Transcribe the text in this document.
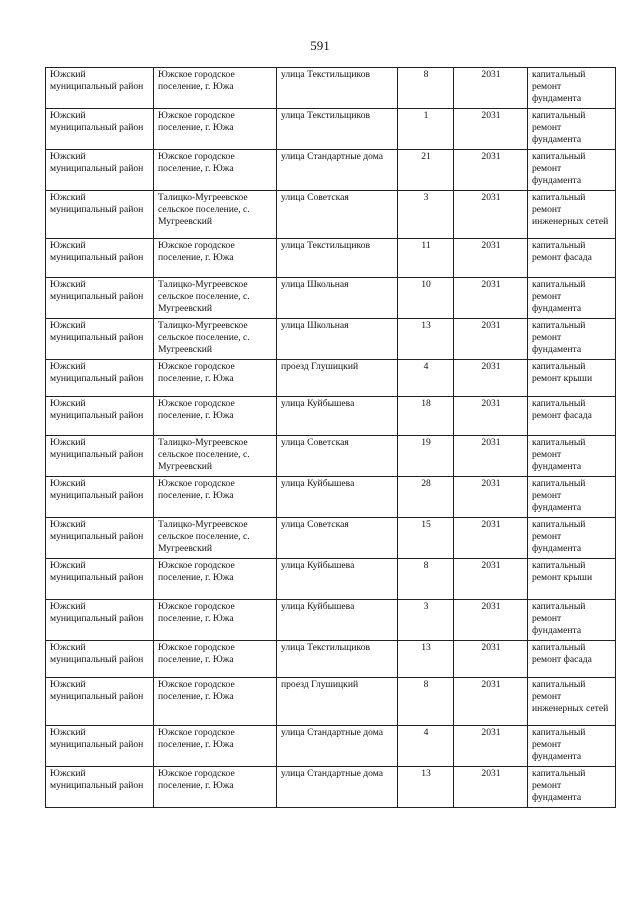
591
Южский муниципальный район	Южское городское поселение, г. Южа	улица Текстильщиков	8	2031	капитальный ремонт фундамента
Южский муниципальный район	Южское городское поселение, г. Южа	улица Текстильщиков	1	2031	капитальный ремонт фундамента
Южский муниципальный район	Южское городское поселение, г. Южа	улица Стандартные дома	21	2031	капитальный ремонт фундамента
Южский муниципальный район	Талицко-Мугреевское сельское поселение, с. Мугреевский	улица Советская	3	2031	капитальный ремонт инженерных сетей
Южский муниципальный район	Южское городское поселение, г. Южа	улица Текстильщиков	11	2031	капитальный ремонт фасада
Южский муниципальный район	Талицко-Мугреевское сельское поселение, с. Мугреевский	улица Школьная	10	2031	капитальный ремонт фундамента
Южский муниципальный район	Талицко-Мугреевское сельское поселение, с. Мугреевский	улица Школьная	13	2031	капитальный ремонт фундамента
Южский муниципальный район	Южское городское поселение, г. Южа	проезд Глушицкий	4	2031	капитальный ремонт крыши
Южский муниципальный район	Южское городское поселение, г. Южа	улица Куйбышева	18	2031	капитальный ремонт фасада
Южский муниципальный район	Талицко-Мугреевское сельское поселение, с. Мугреевский	улица Советская	19	2031	капитальный ремонт фундамента
Южский муниципальный район	Южское городское поселение, г. Южа	улица Куйбышева	28	2031	капитальный ремонт фундамента
Южский муниципальный район	Талицко-Мугреевское сельское поселение, с. Мугреевский	улица Советская	15	2031	капитальный ремонт фундамента
Южский муниципальный район	Южское городское поселение, г. Южа	улица Куйбышева	8	2031	капитальный ремонт крыши
Южский муниципальный район	Южское городское поселение, г. Южа	улица Куйбышева	3	2031	капитальный ремонт фундамента
Южский муниципальный район	Южское городское поселение, г. Южа	улица Текстильщиков	13	2031	капитальный ремонт фасада
Южский муниципальный район	Южское городское поселение, г. Южа	проезд Глушицкий	8	2031	капитальный ремонт инженерных сетей
Южский муниципальный район	Южское городское поселение, г. Южа	улица Стандартные дома	4	2031	капитальный ремонт фундамента
Южский муниципальный район	Южское городское поселение, г. Южа	улица Стандартные дома	13	2031	капитальный ремонт фундамента
